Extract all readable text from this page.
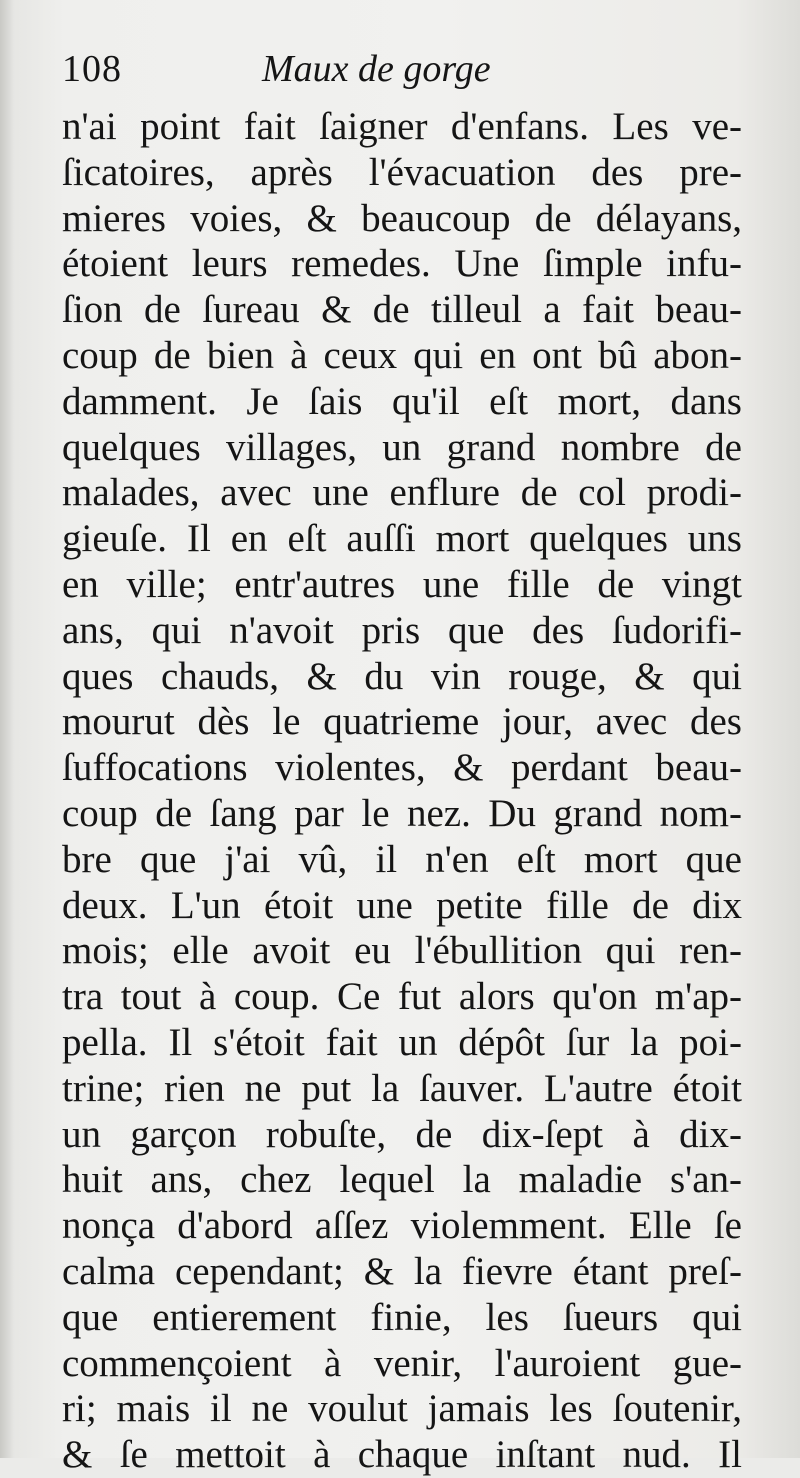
108	Maux de gorge
n'ai point fait ſaigner d'enfans. Les ve-
ſicatoires, après l'évacuation des pre-
mieres voies, & beaucoup de délayans,
étoient leurs remedes. Une ſimple infu-
ſion de ſureau & de tilleul a fait beau-
coup de bien à ceux qui en ont bû abon-
damment. Je ſais qu'il eſt mort, dans
quelques villages, un grand nombre de
malades, avec une enflure de col prodi-
gieuſe. Il en eſt auſſi mort quelques uns
en ville; entr'autres une fille de vingt
ans, qui n'avoit pris que des ſudorifi-
ques chauds, & du vin rouge, & qui
mourut dès le quatrieme jour, avec des
ſuffocations violentes, & perdant beau-
coup de ſang par le nez. Du grand nom-
bre que j'ai vû, il n'en eſt mort que
deux. L'un étoit une petite fille de dix
mois; elle avoit eu l'ébullition qui ren-
tra tout à coup. Ce fut alors qu'on m'ap-
pella. Il s'étoit fait un dépôt ſur la poi-
trine; rien ne put la ſauver. L'autre étoit
un garçon robuſte, de dix-ſept à dix-
huit ans, chez lequel la maladie s'an-
nonça d'abord aſſez violemment. Elle ſe
calma cependant; & la fievre étant preſ-
que entierement finie, les ſueurs qui
commençoient à venir, l'auroient gue-
ri; mais il ne voulut jamais les ſoutenir,
& ſe mettoit à chaque inſtant nud. Il
